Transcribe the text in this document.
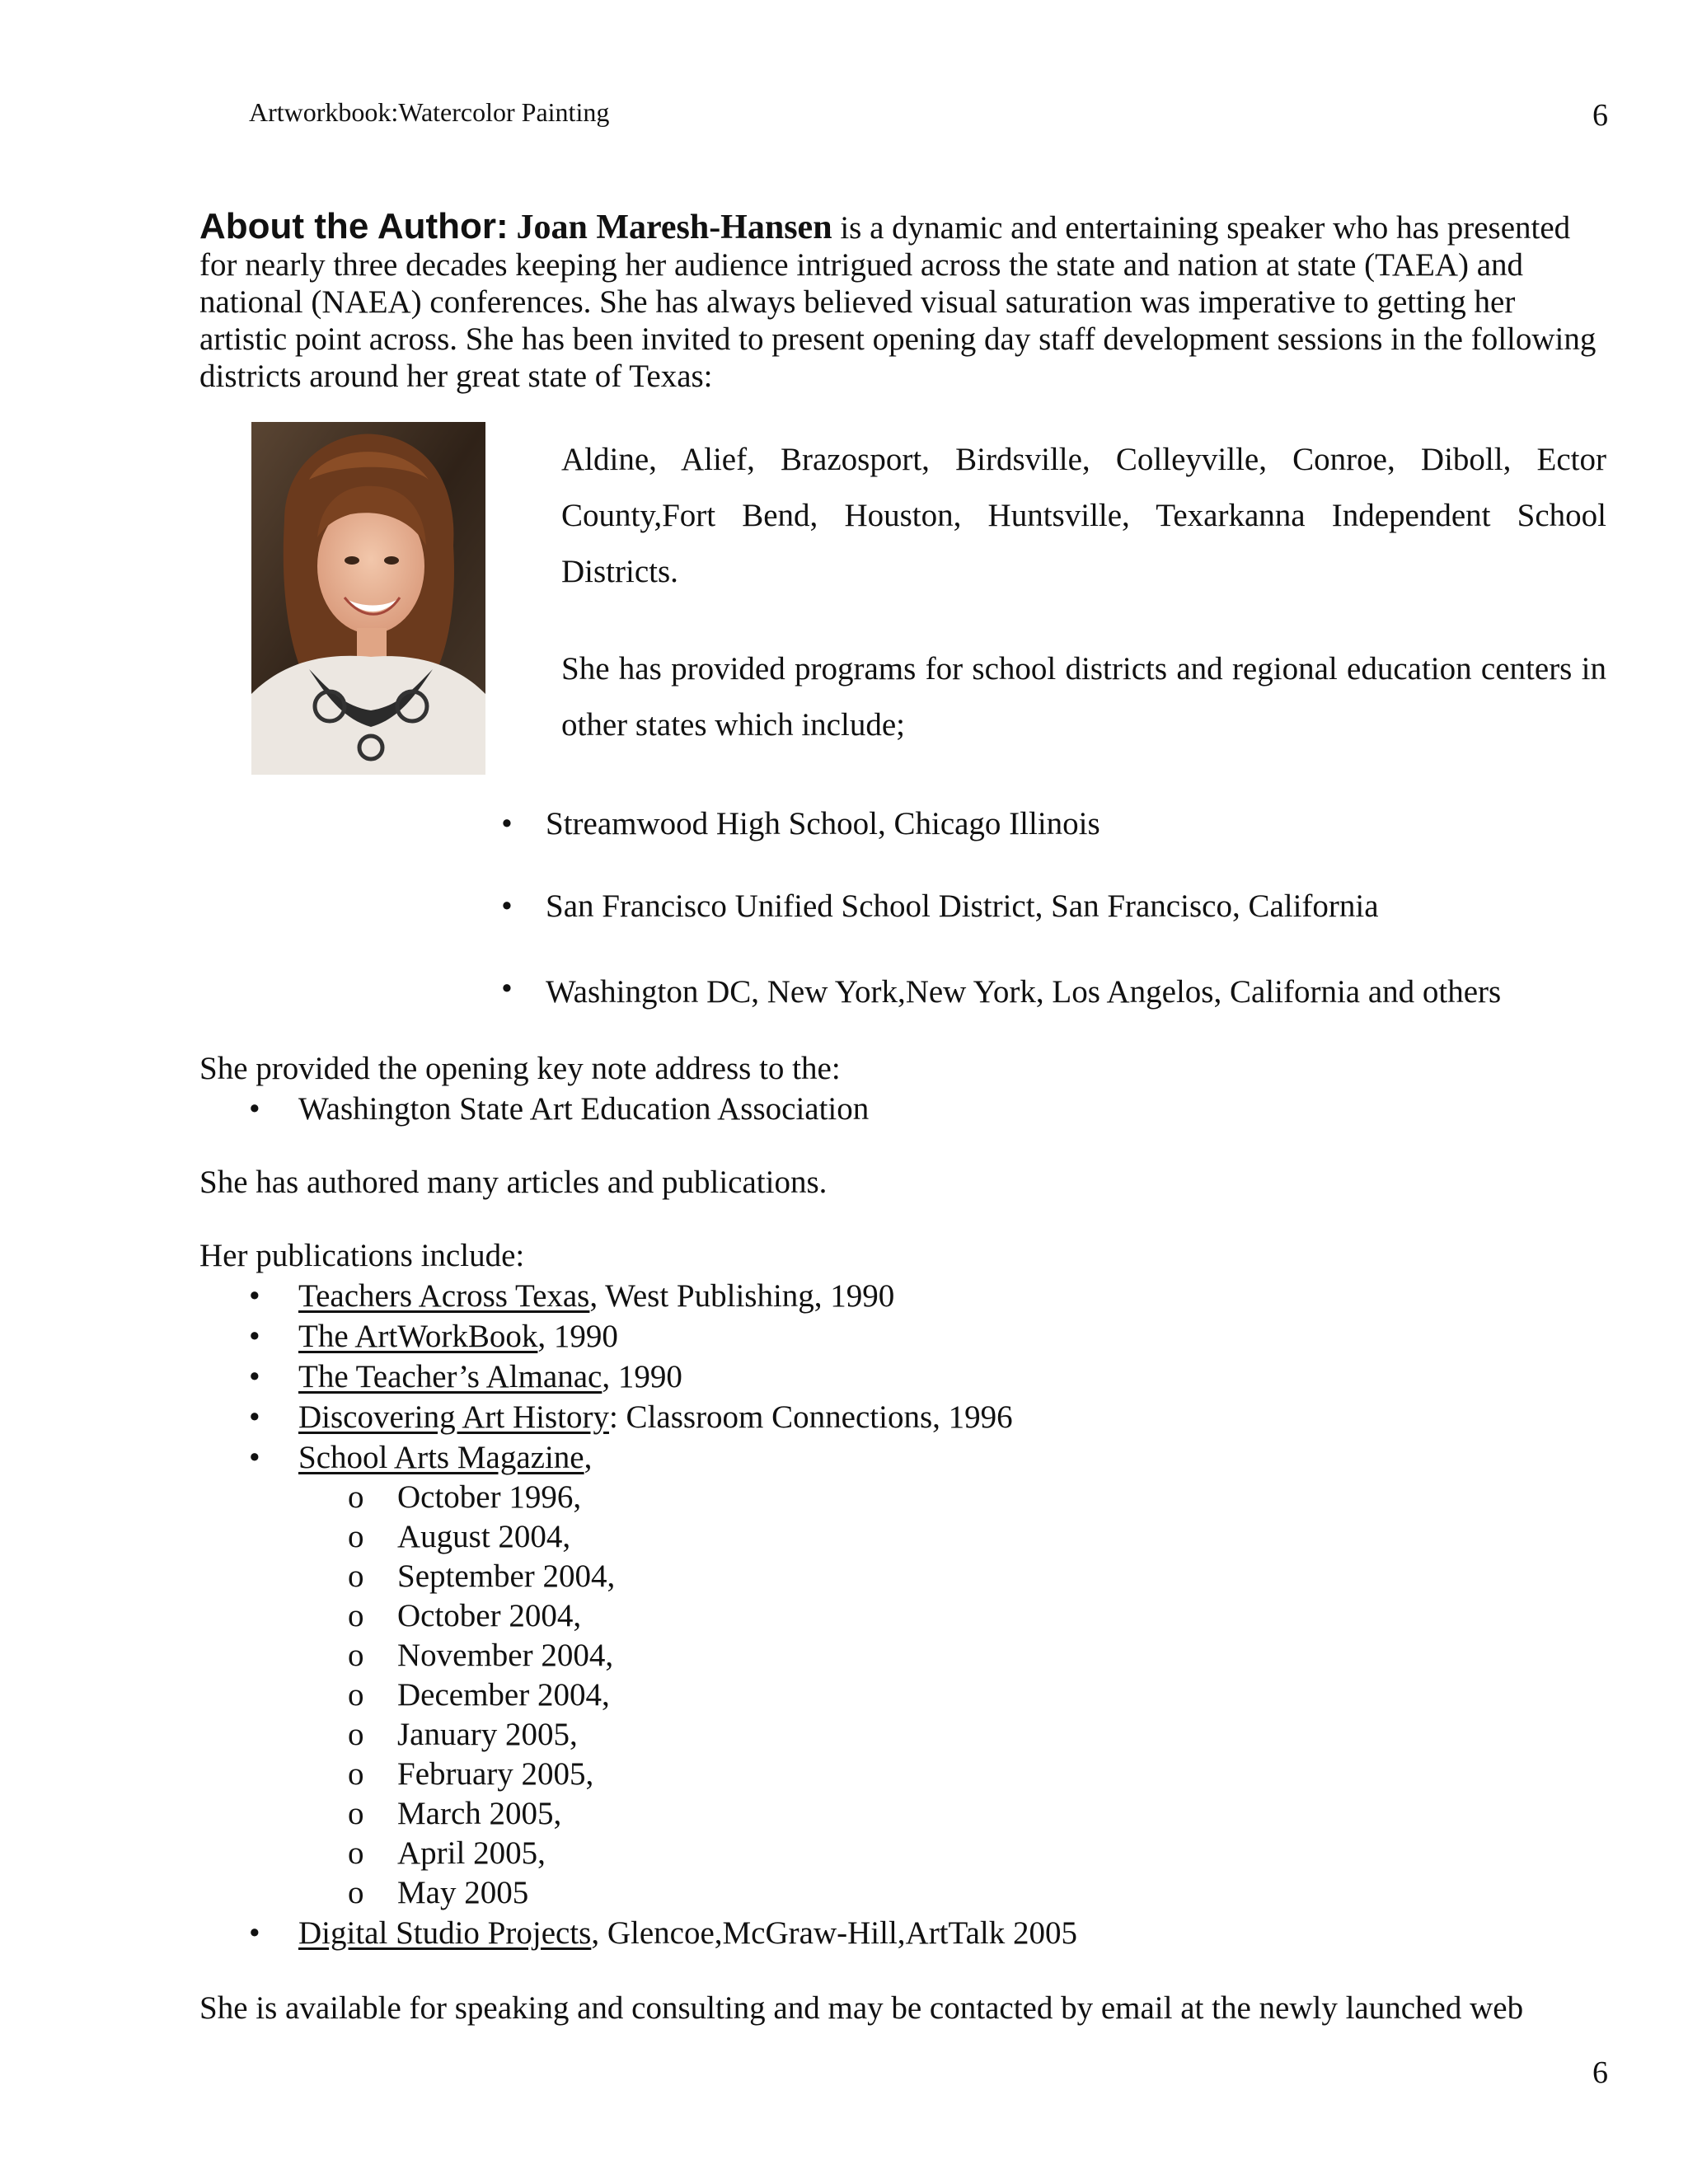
Artworkbook:Watercolor Painting	6
About the Author: Joan Maresh-Hansen is a dynamic and entertaining speaker who has presented for nearly three decades keeping her audience intrigued across the state and nation at state (TAEA) and national (NAEA) conferences. She has always believed visual saturation was imperative to getting her artistic point across. She has been invited to present opening day staff development sessions in the following districts around her great state of Texas:

Aldine, Alief, Brazosport, Birdsville, Colleyville, Conroe, Diboll, Ector County,Fort Bend, Houston, Huntsville, Texarkanna Independent School Districts.

She has provided programs for school districts and regional education centers in other states which include;

• Streamwood High School, Chicago Illinois
• San Francisco Unified School District, San Francisco, California
• Washington DC, New York,New York, Los Angelos, California and others

She provided the opening key note address to the:

• Washington State Art Education Association
She has authored many articles and publications.

Her publications include:

• Teachers Across Texas, West Publishing, 1990
• The ArtWorkBook, 1990
• The Teacher’s Almanac, 1990
• Discovering Art History: Classroom Connections, 1996
• School Arts Magazine,
o October 1996,
o August 2004,
o September 2004,
o October 2004,
o November 2004,
o December 2004,
o January 2005,
o February 2005,
o March 2005,
o April 2005,
o May 2005
• Digital Studio Projects, Glencoe,McGraw-Hill,ArtTalk 2005
She is available for speaking and consulting and may be contacted by email at the newly launched web
6
